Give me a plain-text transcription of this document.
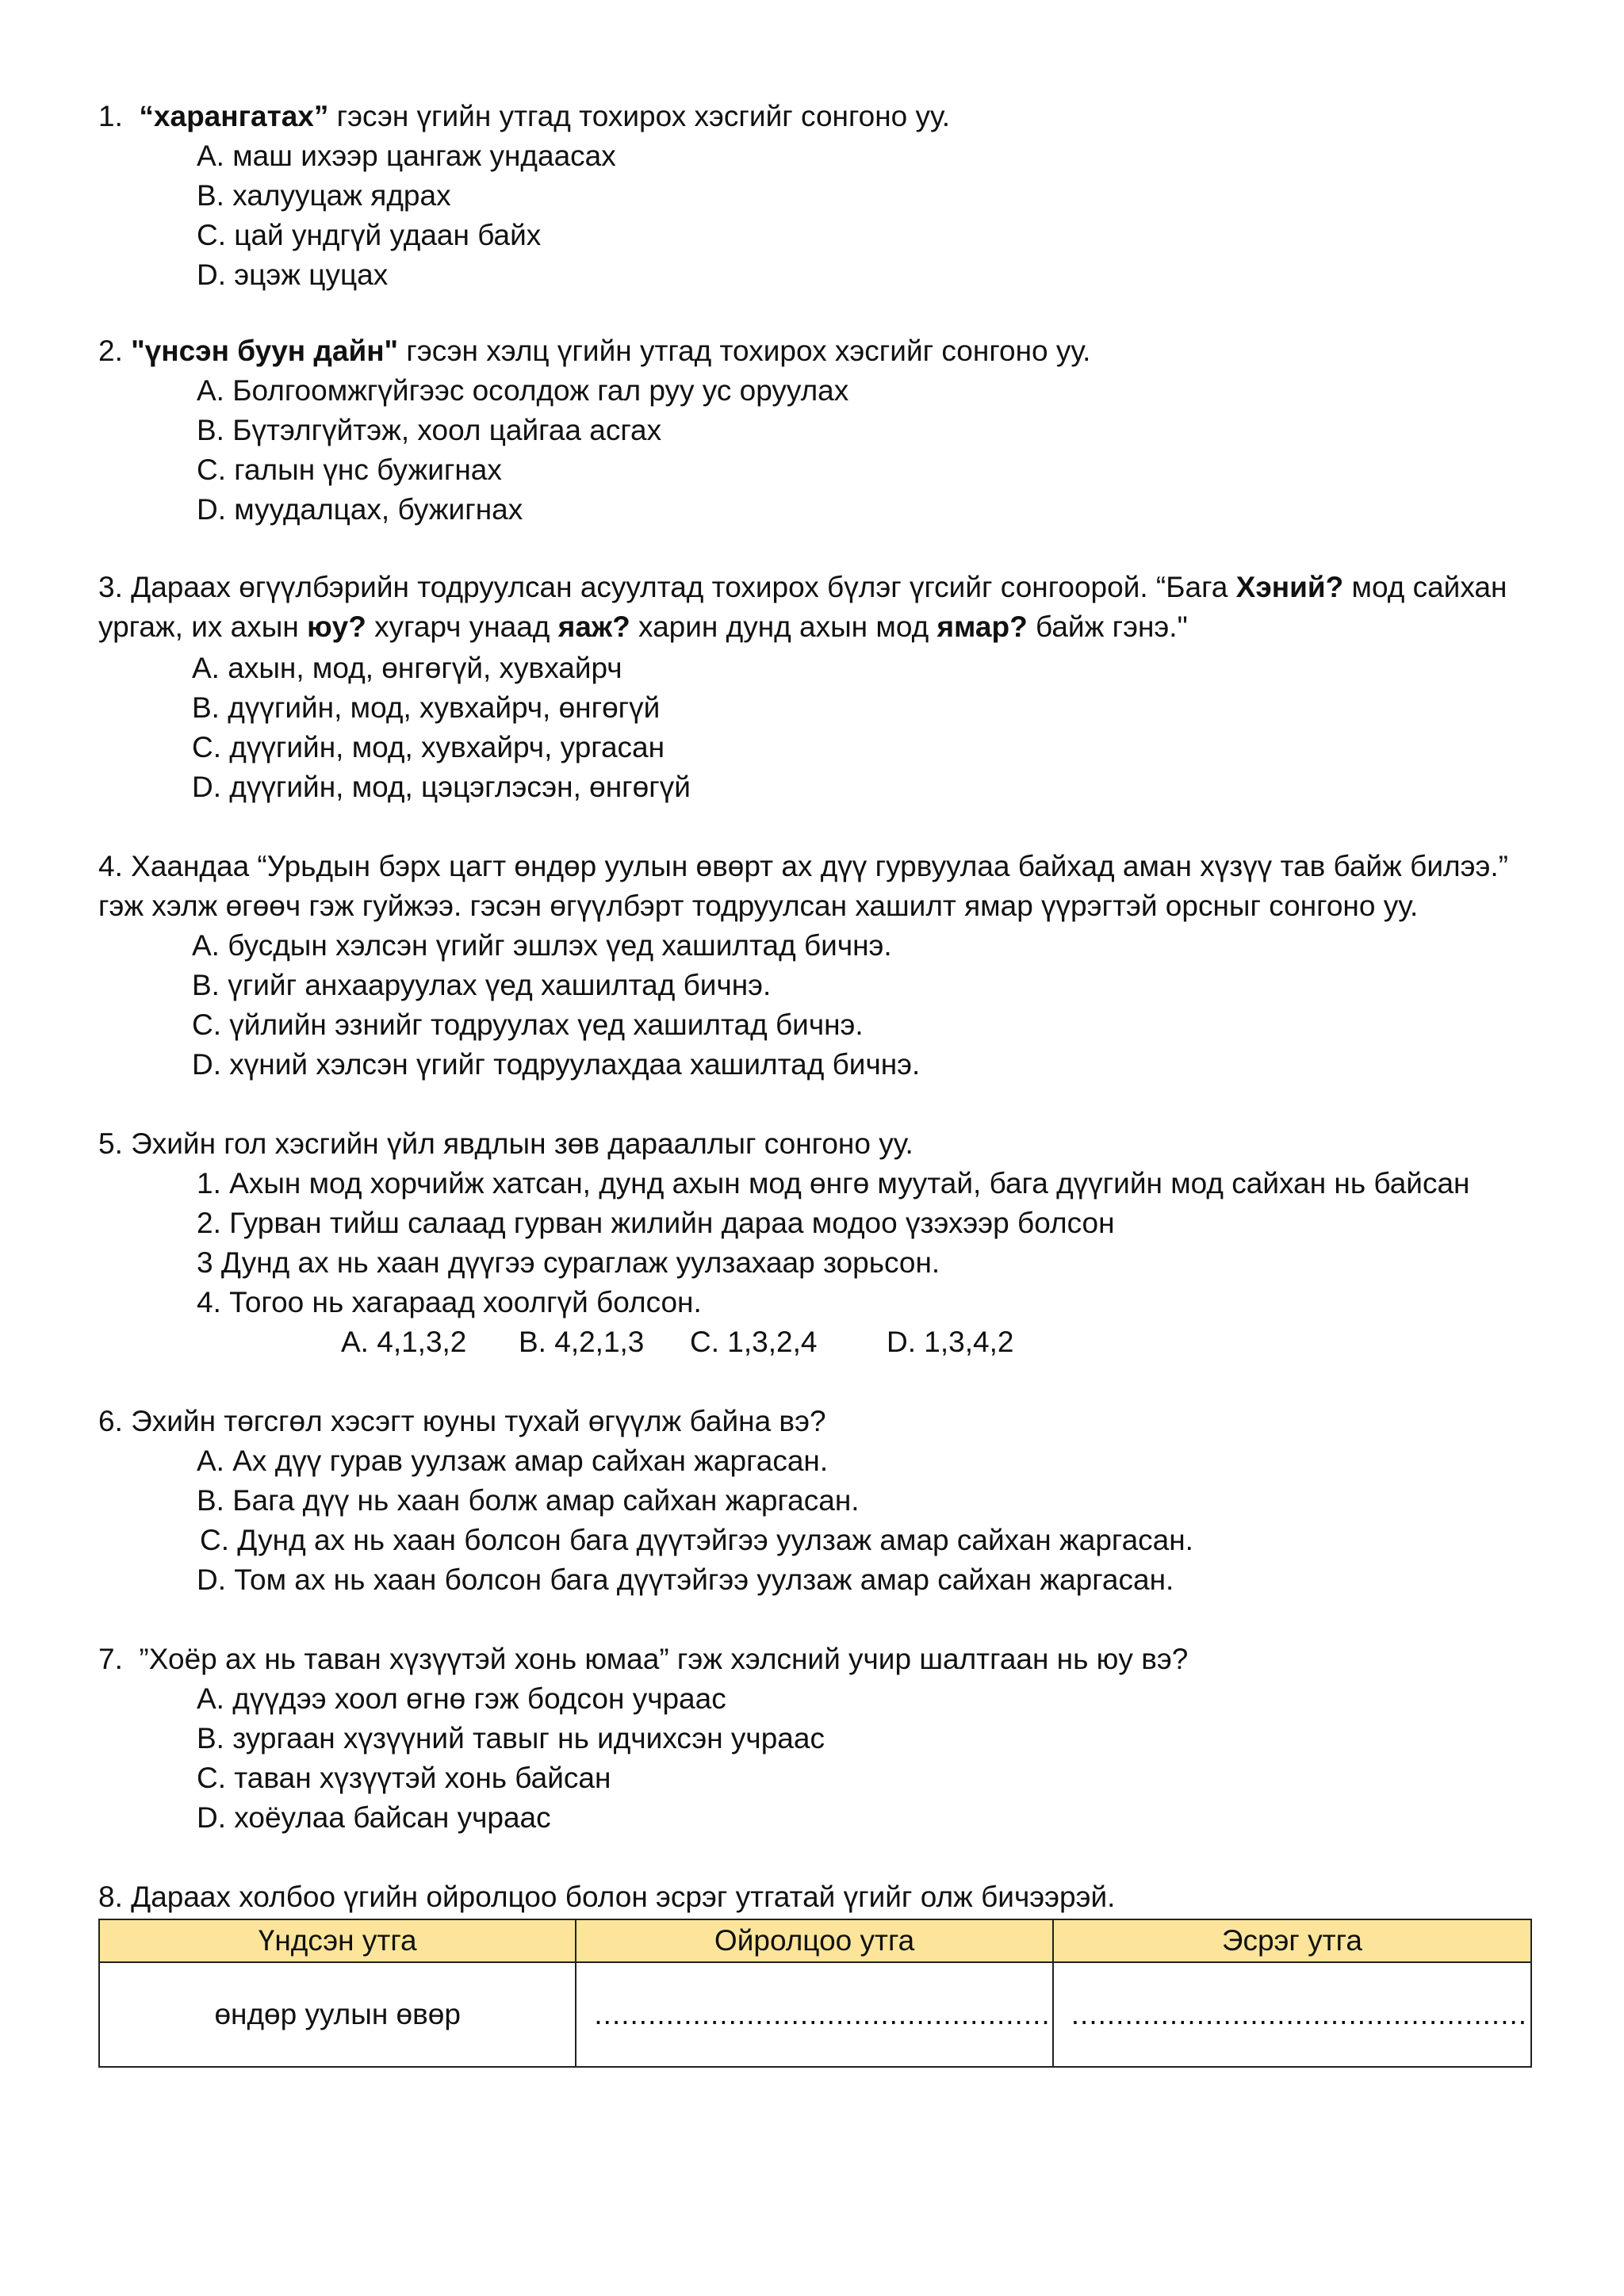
1. “харангатах” гэсэн үгийн утгад тохирох хэсгийг сонгоно уу.
A. маш ихээр цангаж ундаасах
B. халууцаж ядрах
C. цай ундгүй удаан байх
D. эцэж цуцах
2. "үнсэн буун дайн" гэсэн хэлц үгийн утгад тохирох хэсгийг сонгоно уу.
A. Болгоомжгүйгээс осолдож гал руу ус оруулах
B. Бүтэлгүйтэж, хоол цайгаа асгах
C. галын үнс бужигнах
D. муудалцах, бужигнах
3. Дараах өгүүлбэрийн тодруулсан асуултад тохирох бүлэг үгсийг сонгоорой. “Бага Хэний? мод сайхан
ургаж, их ахын юу? хугарч унаад яаж? харин дунд ахын мод ямар? байж гэнэ."
A. ахын, мод, өнгөгүй, хувхайрч
B. дүүгийн, мод, хувхайрч, өнгөгүй
C. дүүгийн, мод, хувхайрч, ургасан
D. дүүгийн, мод, цэцэглэсэн, өнгөгүй
4. Хаандаа “Урьдын бэрх цагт өндөр уулын өвөрт ах дүү гурвуулаа байхад аман хүзүү тав байж билээ.”
гэж хэлж өгөөч гэж гуйжээ. гэсэн өгүүлбэрт тодруулсан хашилт ямар үүрэгтэй орсныг сонгоно уу.
A. бусдын хэлсэн үгийг эшлэх үед хашилтад бичнэ.
B. үгийг анхааруулах үед хашилтад бичнэ.
C. үйлийн эзнийг тодруулах үед хашилтад бичнэ.
D. хүний хэлсэн үгийг тодруулахдаа хашилтад бичнэ.
5. Эхийн гол хэсгийн үйл явдлын зөв дарааллыг сонгоно уу.
1. Ахын мод хорчийж хатсан, дунд ахын мод өнгө муутай, бага дүүгийн мод сайхан нь байсан
2. Гурван тийш салаад гурван жилийн дараа модоо үзэхээр болсон
3 Дунд ах нь хаан дүүгээ сураглаж уулзахаар зорьсон.
4. Тогоо нь хагараад хоолгүй болсон.
A. 4,1,3,2 B. 4,2,1,3 C. 1,3,2,4 D. 1,3,4,2
6. Эхийн төгсгөл хэсэгт юуны тухай өгүүлж байна вэ?
A. Ах дүү гурав уулзаж амар сайхан жаргасан.
B. Бага дүү нь хаан болж амар сайхан жаргасан.
C. Дунд ах нь хаан болсон бага дүүтэйгээ уулзаж амар сайхан жаргасан.
D. Том ах нь хаан болсон бага дүүтэйгээ уулзаж амар сайхан жаргасан.
7. ”Хоёр ах нь таван хүзүүтэй хонь юмаа” гэж хэлсний учир шалтгаан нь юу вэ?
A. дүүдээ хоол өгнө гэж бодсон учраас
B. зургаан хүзүүний тавыг нь идчихсэн учраас
C. таван хүзүүтэй хонь байсан
D. хоёулаа байсан учраас
8. Дараах холбоо үгийн ойролцоо болон эсрэг утгатай үгийг олж бичээрэй.
Үндсэн утга	Ойролцоо утга	Эсрэг утга
өндөр уулын өвөр	...................................................	...................................................
